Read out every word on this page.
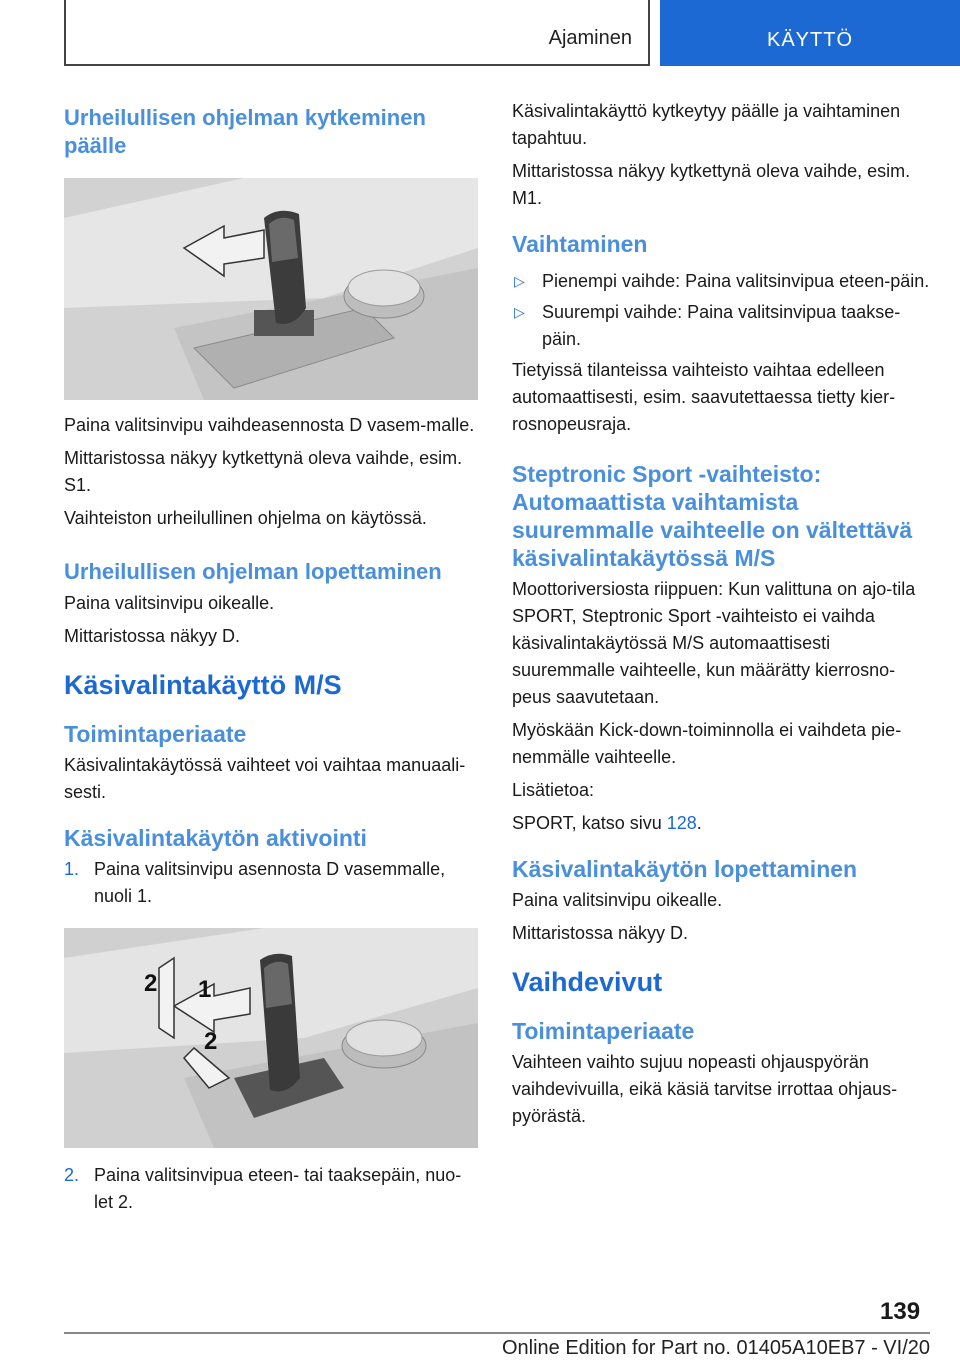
Ajaminen	KÄYTTÖ
Urheilullisen ohjelman kytkeminen päälle
Paina valitsinvipu vaihdeasennosta D vasem-malle.
Mittaristossa näkyy kytkettynä oleva vaihde, esim. S1.
Vaihteiston urheilullinen ohjelma on käytössä.
Urheilullisen ohjelman lopettaminen
Paina valitsinvipu oikealle.
Mittaristossa näkyy D.
Käsivalintakäyttö M/S
Toimintaperiaate
Käsivalintakäytössä vaihteet voi vaihtaa manuaali-sesti.
Käsivalintakäytön aktivointi
1. Paina valitsinvipu asennosta D vasemmalle, nuoli 1.
1
2
2
2. Paina valitsinvipua eteen- tai taaksepäin, nuo-let 2.
Käsivalintakäyttö kytkeytyy päälle ja vaihtaminen tapahtuu.
Mittaristossa näkyy kytkettynä oleva vaihde, esim. M1.
Vaihtaminen
▷ Pienempi vaihde: Paina valitsinvipua eteen-päin.
▷ Suurempi vaihde: Paina valitsinvipua taakse-päin.
Tietyissä tilanteissa vaihteisto vaihtaa edelleen automaattisesti, esim. saavutettaessa tietty kier-rosnopeusraja.
Steptronic Sport -vaihteisto: Automaattista vaihtamista suuremmalle vaihteelle on vältettävä käsivalintakäytössä M/S
Moottoriversiosta riippuen: Kun valittuna on ajo-tila SPORT, Steptronic Sport -vaihteisto ei vaihda käsivalintakäytössä M/S automaattisesti suuremmalle vaihteelle, kun määrätty kierrosno-peus saavutetaan.
Myöskään Kick-down-toiminnolla ei vaihdeta pie-nemmälle vaihteelle.
Lisätietoa:
SPORT, katso sivu 128.
Käsivalintakäytön lopettaminen
Paina valitsinvipu oikealle.
Mittaristossa näkyy D.
Vaihdevivut
Toimintaperiaate
Vaihteen vaihto sujuu nopeasti ohjauspyörän vaihdevivuilla, eikä käsiä tarvitse irrottaa ohjaus-pyörästä.
139
Online Edition for Part no. 01405A10EB7 - VI/20
